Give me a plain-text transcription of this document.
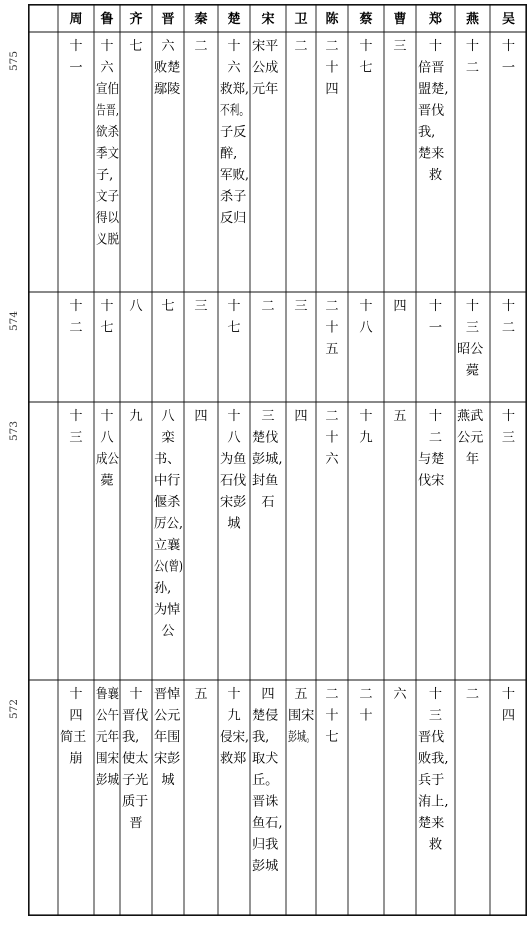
周 鲁 齐 晋 秦 楚 宋 卫 陈 蔡 曹 郑 燕 吴
十
一
十
六
宣伯
告晋,
欲杀
季文
子,
文子
得以
义脱
七 六
败楚
鄢陵
二 十
六
救郑,
不利。
子反
醉,
军败,
杀子
反归
宋平
公成
元年
二 二
十
四
十
七
三 十
倍晋
盟楚,
晋伐
我,
楚来
救
十
二
十
一
十
二
十
七
八 七 三 十
七
二 三 二
十
五
十
八
四 十
一
十
三
昭公
薨
十
二
十
三
十
八
成公
薨
九 八
栾
书、
中行
偃杀
厉公,
立襄
公(曾)
孙,
为悼
公
四 十
八
为鱼
石伐
宋彭
城
三
楚伐
彭城,
封鱼
石
四 二
十
六
十
九
五 十
二
与楚
伐宋
燕武
公元
年
十
三
十
四
简王
崩
鲁襄
公午
元年
围宋
彭城
十
晋伐
我,
使太
子光
质于
晋
晋悼
公元
年围
宋彭
城
五 十
九
侵宋,
救郑
四
楚侵
我,
取犬
丘。
晋诛
鱼石,
归我
彭城
五
围宋
彭城。
二
十
七
二
十
六 十
三
晋伐
败我,
兵于
洧上,
楚来
救
二 十
四
575
574
573
572
